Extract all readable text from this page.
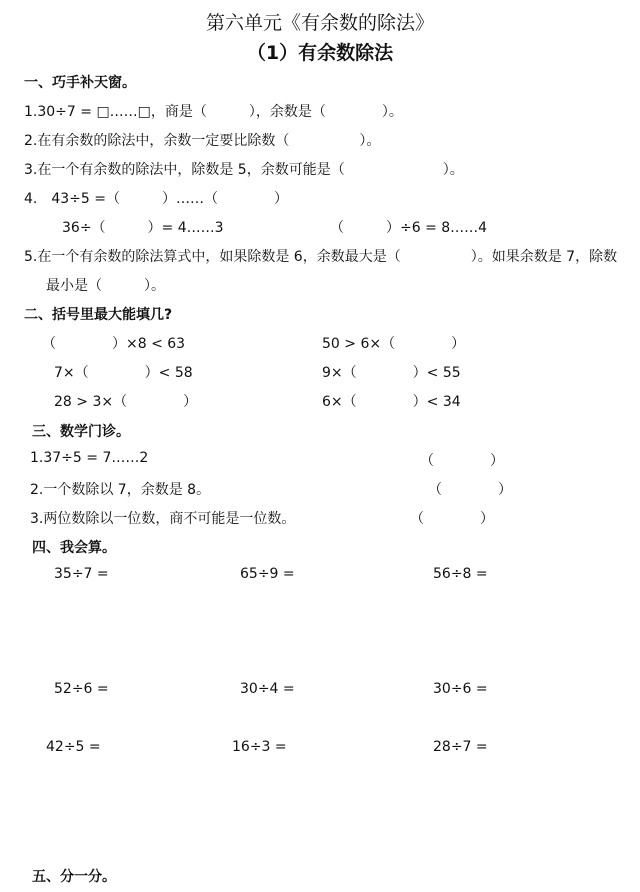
第六单元《有余数的除法》
（1）有余数除法
一、巧手补天窗。
1.30÷7 = □……□，商是（　　　），余数是（　　　　）。
2.在有余数的除法中，余数一定要比除数（　　　　　）。
3.在一个有余数的除法中，除数是 5，余数可能是（　　　　　　　）。
4.　43÷5 =（　　　）……（　　　　）
36÷（　　　）= 4……3	（　　　）÷6 = 8……4
5.在一个有余数的除法算式中，如果除数是 6，余数最大是（　　　　　）。如果余数是 7，除数
最小是（　　　）。
二、括号里最大能填几?
（　　　　）×8 < 63	50 > 6×（　　　　）
7×（　　　　）< 58	9×（　　　　）< 55
28 > 3×（　　　　）	6×（　　　　）< 34
三、数学门诊。
1.37÷5 = 7……2	（　　　　）
2.一个数除以 7，余数是 8。	（　　　　）
3.两位数除以一位数，商不可能是一位数。	（　　　　）
四、我会算。
35÷7 =	65÷9 =	56÷8 =
52÷6 =	30÷4 =	30÷6 =
42÷5 =	16÷3 =	28÷7 =
五、分一分。
